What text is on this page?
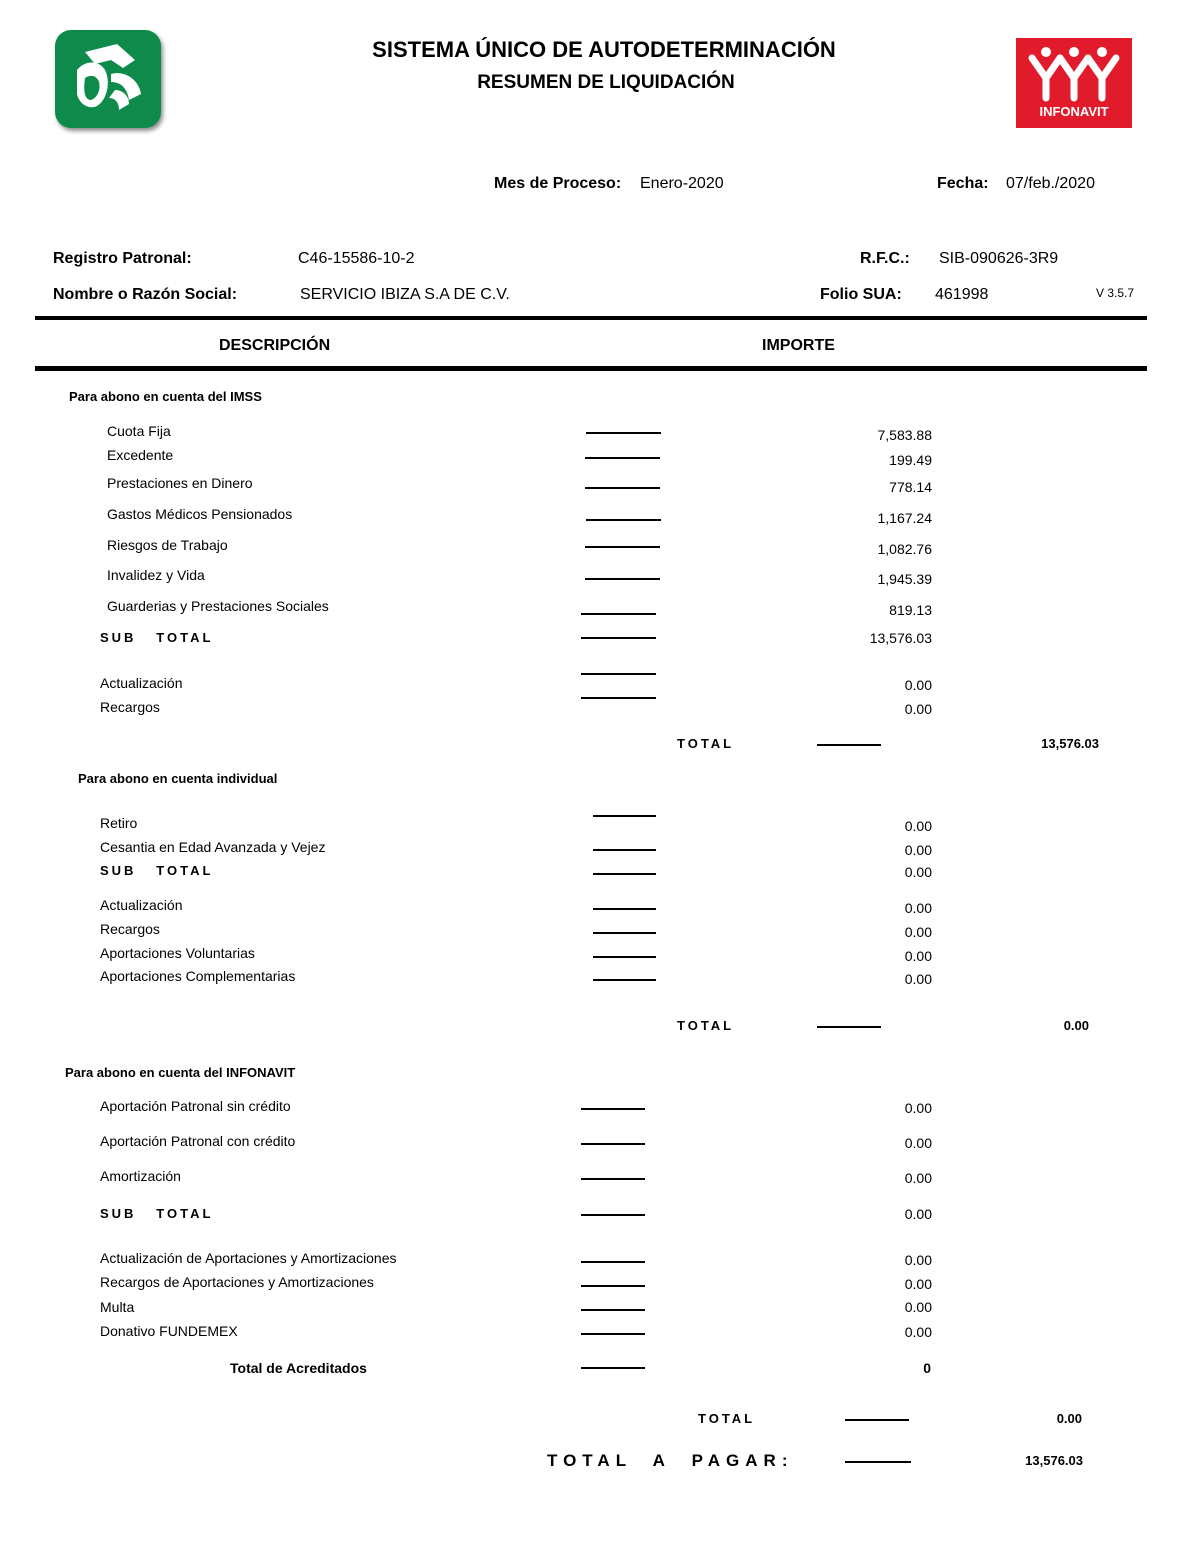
SISTEMA ÚNICO DE AUTODETERMINACIÓN
RESUMEN DE LIQUIDACIÓN
INFONAVIT
Mes de Proceso: Enero-2020	Fecha: 07/feb./2020
Registro Patronal:	C46-15586-10-2	R.F.C.: SIB-090626-3R9
Nombre o Razón Social:	SERVICIO IBIZA S.A DE C.V.	Folio SUA: 461998	V 3.5.7
DESCRIPCIÓN	IMPORTE
Para abono en cuenta del IMSS
Cuota Fija	7,583.88
Excedente	199.49
Prestaciones en Dinero	778.14
Gastos Médicos Pensionados	1,167.24
Riesgos de Trabajo	1,082.76
Invalidez y Vida	1,945.39
Guarderias y Prestaciones Sociales	819.13
SUB   TOTAL	13,576.03
Actualización	0.00
Recargos	0.00
TOTAL	13,576.03
Para abono en cuenta individual
Retiro	0.00
Cesantia en Edad Avanzada y Vejez	0.00
SUB   TOTAL	0.00
Actualización	0.00
Recargos	0.00
Aportaciones Voluntarias	0.00
Aportaciones Complementarias	0.00
TOTAL	0.00
Para abono en cuenta del INFONAVIT
Aportación Patronal sin crédito	0.00
Aportación Patronal con crédito	0.00
Amortización	0.00
SUB   TOTAL	0.00
Actualización de Aportaciones y Amortizaciones	0.00
Recargos de Aportaciones y Amortizaciones	0.00
Multa	0.00
Donativo FUNDEMEX	0.00
Total de Acreditados	0
TOTAL	0.00
TOTAL  A  PAGAR:	13,576.03
